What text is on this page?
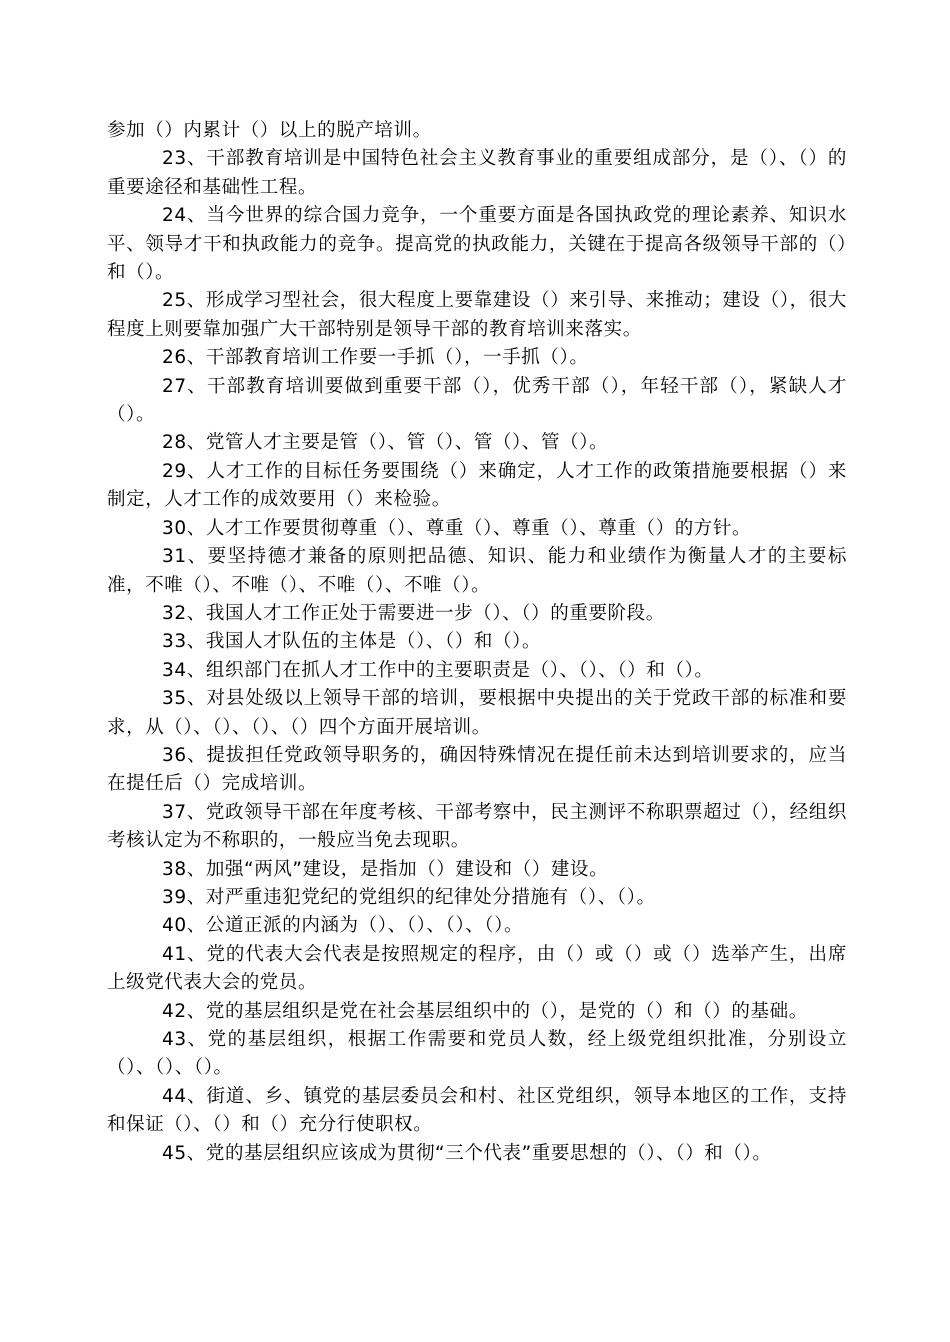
参加（）内累计（）以上的脱产培训。

23、干部教育培训是中国特色社会主义教育事业的重要组成部分，是（）、（）的重要途径和基础性工程。

24、当今世界的综合国力竞争，一个重要方面是各国执政党的理论素养、知识水平、领导才干和执政能力的竞争。提高党的执政能力，关键在于提高各级领导干部的（）和（）。

25、形成学习型社会，很大程度上要靠建设（）来引导、来推动；建设（），很大程度上则要靠加强广大干部特别是领导干部的教育培训来落实。

26、干部教育培训工作要一手抓（），一手抓（）。

27、干部教育培训要做到重要干部（），优秀干部（），年轻干部（），紧缺人才（）。

28、党管人才主要是管（）、管（）、管（）、管（）。

29、人才工作的目标任务要围绕（）来确定，人才工作的政策措施要根据（）来制定，人才工作的成效要用（）来检验。

30、人才工作要贯彻尊重（）、尊重（）、尊重（）、尊重（）的方针。

31、要坚持德才兼备的原则把品德、知识、能力和业绩作为衡量人才的主要标准，不唯（）、不唯（）、不唯（）、不唯（）。

32、我国人才工作正处于需要进一步（）、（）的重要阶段。

33、我国人才队伍的主体是（）、（）和（）。

34、组织部门在抓人才工作中的主要职责是（）、（）、（）和（）。

35、对县处级以上领导干部的培训，要根据中央提出的关于党政干部的标准和要求，从（）、（）、（）、（）四个方面开展培训。

36、提拔担任党政领导职务的，确因特殊情况在提任前未达到培训要求的，应当在提任后（）完成培训。

37、党政领导干部在年度考核、干部考察中，民主测评不称职票超过（），经组织考核认定为不称职的，一般应当免去现职。

38、加强“两风”建设，是指加（）建设和（）建设。

39、对严重违犯党纪的党组织的纪律处分措施有（）、（）。

40、公道正派的内涵为（）、（）、（）、（）。

41、党的代表大会代表是按照规定的程序，由（）或（）或（）选举产生，出席上级党代表大会的党员。

42、党的基层组织是党在社会基层组织中的（），是党的（）和（）的基础。

43、党的基层组织，根据工作需要和党员人数，经上级党组织批准，分别设立（）、（）、（）。

44、街道、乡、镇党的基层委员会和村、社区党组织，领导本地区的工作，支持和保证（）、（）和（）充分行使职权。

45、党的基层组织应该成为贯彻“三个代表”重要思想的（）、（）和（）。
